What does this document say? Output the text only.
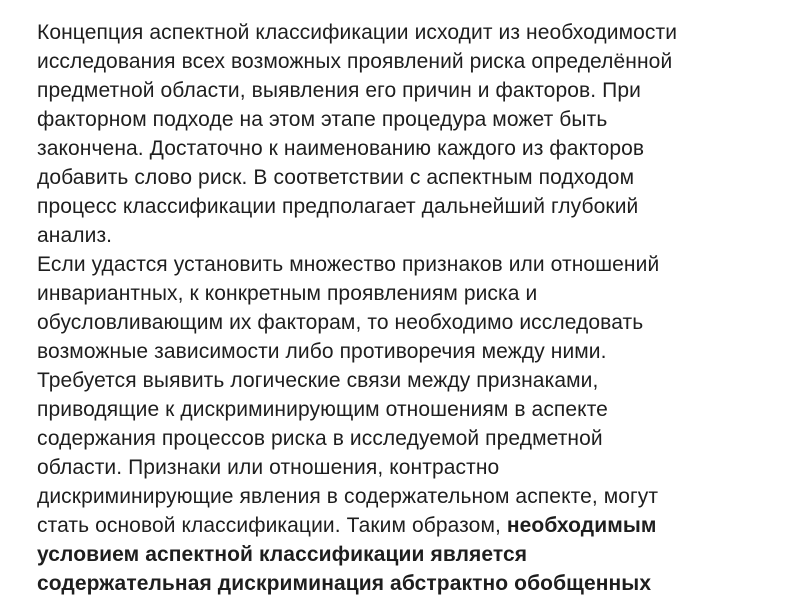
Концепция аспектной классификации исходит из необходимости
исследования всех возможных проявлений риска определённой
предметной области, выявления его причин и факторов. При
факторном подходе на этом этапе процедура может быть
закончена. Достаточно к наименованию каждого из факторов
добавить слово риск. В соответствии с аспектным подходом
процесс классификации предполагает дальнейший глубокий
анализ.
Если удастся установить множество признаков или отношений
инвариантных, к конкретным проявлениям риска и
обусловливающим их факторам, то необходимо исследовать
возможные зависимости либо противоречия между ними.
Требуется выявить логические связи между признаками,
приводящие к дискриминирующим отношениям в аспекте
содержания процессов риска в исследуемой предметной
области. Признаки или отношения, контрастно
дискриминирующие явления в содержательном аспекте, могут
стать основой классификации. Таким образом, необходимым
условием аспектной классификации является
содержательная дискриминация абстрактно обобщенных
